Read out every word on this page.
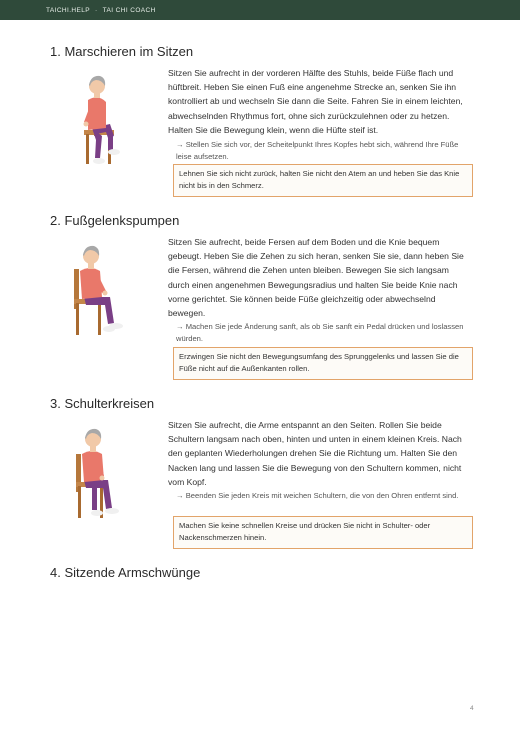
TAICHI.HELP · TAI CHI COACH
1. Marschieren im Sitzen
Sitzen Sie aufrecht in der vorderen Hälfte des Stuhls, beide Füße flach und hüftbreit. Heben Sie einen Fuß eine angenehme Strecke an, senken Sie ihn kontrolliert ab und wechseln Sie dann die Seite. Fahren Sie in einem leichten, abwechselnden Rhythmus fort, ohne sich zurückzulehnen oder zu hetzen. Halten Sie die Bewegung klein, wenn die Hüfte steif ist.
→ Stellen Sie sich vor, der Scheitelpunkt Ihres Kopfes hebt sich, während Ihre Füße leise aufsetzen.
Lehnen Sie sich nicht zurück, halten Sie nicht den Atem an und heben Sie das Knie nicht bis in den Schmerz.
2. Fußgelenkspumpen
Sitzen Sie aufrecht, beide Fersen auf dem Boden und die Knie bequem gebeugt. Heben Sie die Zehen zu sich heran, senken Sie sie, dann heben Sie die Fersen, während die Zehen unten bleiben. Bewegen Sie sich langsam durch einen angenehmen Bewegungsradius und halten Sie beide Knie nach vorne gerichtet. Sie können beide Füße gleichzeitig oder abwechselnd bewegen.
→ Machen Sie jede Änderung sanft, als ob Sie sanft ein Pedal drücken und loslassen würden.
Erzwingen Sie nicht den Bewegungsumfang des Sprunggelenks und lassen Sie die Füße nicht auf die Außenkanten rollen.
3. Schulterkreisen
Sitzen Sie aufrecht, die Arme entspannt an den Seiten. Rollen Sie beide Schultern langsam nach oben, hinten und unten in einem kleinen Kreis. Nach den geplanten Wiederholungen drehen Sie die Richtung um. Halten Sie den Nacken lang und lassen Sie die Bewegung von den Schultern kommen, nicht vom Kopf.
→ Beenden Sie jeden Kreis mit weichen Schultern, die von den Ohren entfernt sind.
Machen Sie keine schnellen Kreise und drücken Sie nicht in Schulter- oder Nackenschmerzen hinein.
4. Sitzende Armschwünge
4
